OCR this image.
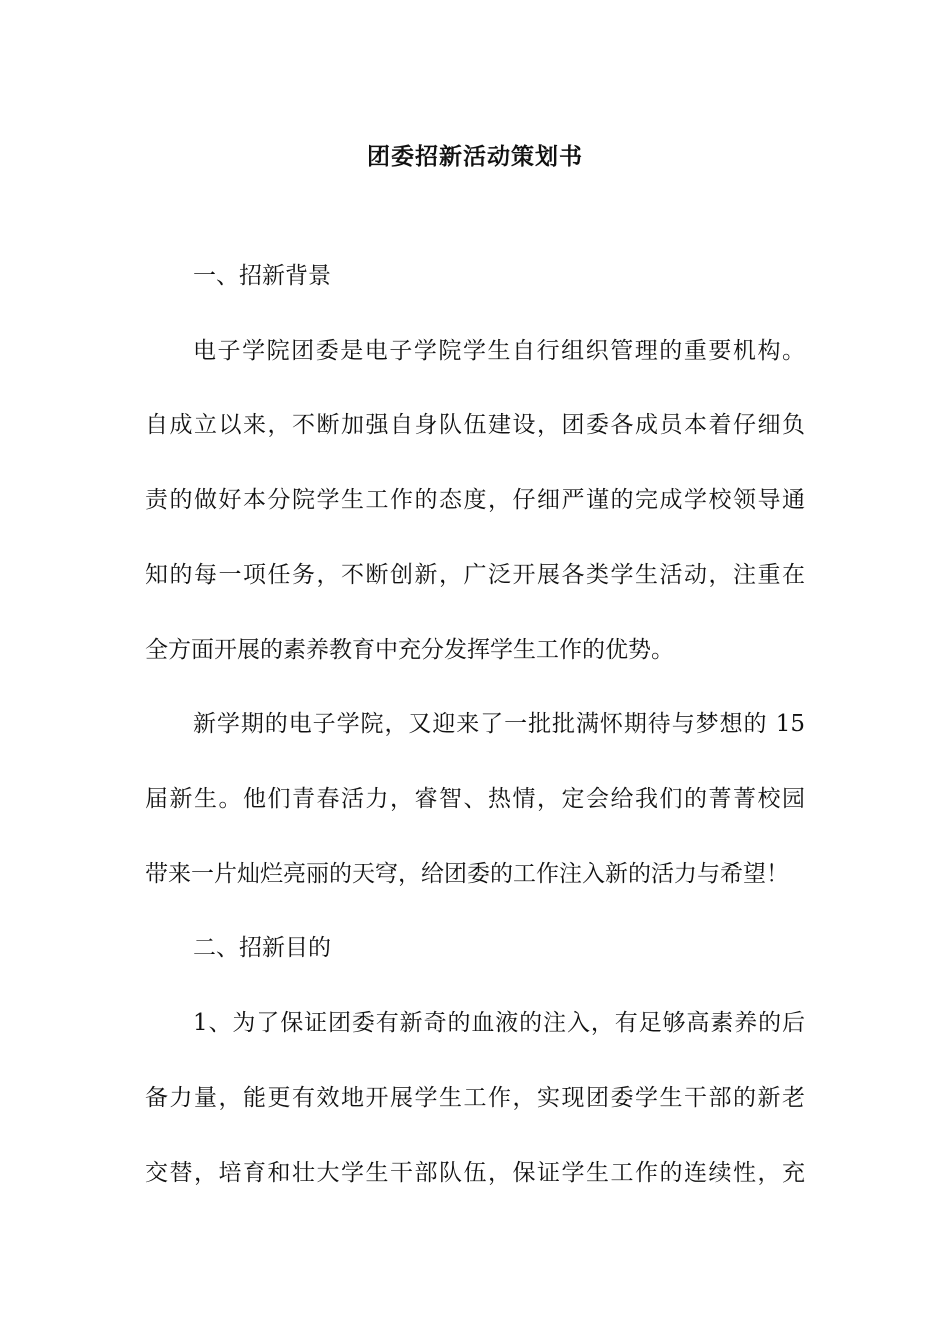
团委招新活动策划书
一、招新背景
电子学院团委是电子学院学生自行组织管理的重要机构。
自成立以来，不断加强自身队伍建设，团委各成员本着仔细负
责的做好本分院学生工作的态度，仔细严谨的完成学校领导通
知的每一项任务，不断创新，广泛开展各类学生活动，注重在
全方面开展的素养教育中充分发挥学生工作的优势。
新学期的电子学院，又迎来了一批批满怀期待与梦想的 15
届新生。他们青春活力，睿智、热情，定会给我们的菁菁校园
带来一片灿烂亮丽的天穹，给团委的工作注入新的活力与希望！
二、招新目的
1、为了保证团委有新奇的血液的注入，有足够高素养的后
备力量，能更有效地开展学生工作，实现团委学生干部的新老
交替，培育和壮大学生干部队伍，保证学生工作的连续性，充
